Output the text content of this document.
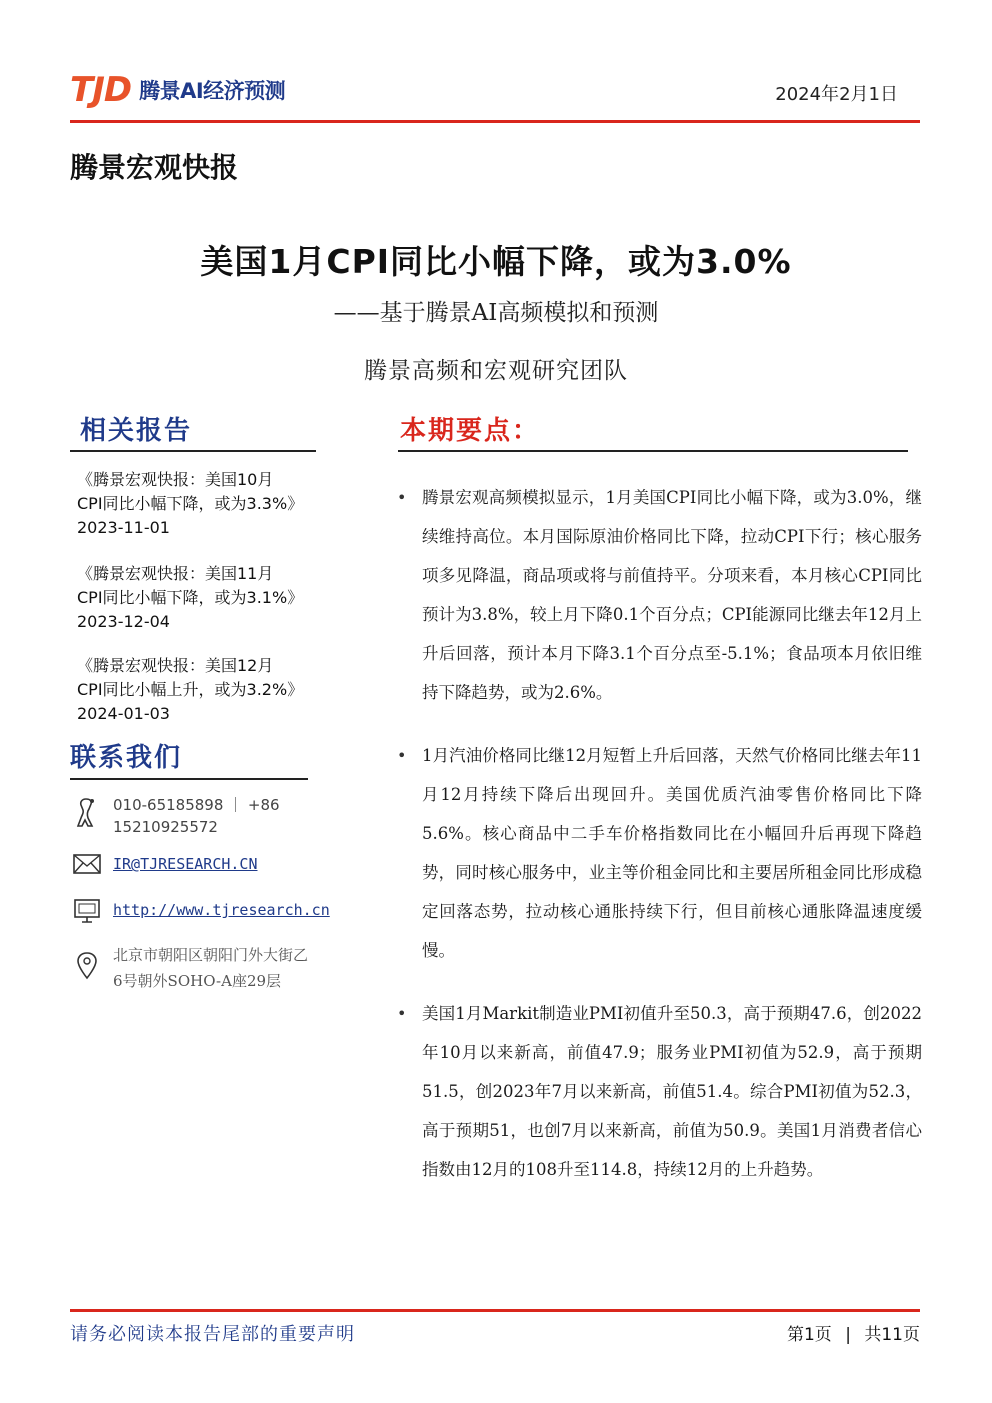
TJD 腾景AI经济预测	2024年2月1日
腾景宏观快报
美国1月CPI同比小幅下降，或为3.0%
——基于腾景AI高频模拟和预测
腾景高频和宏观研究团队
相关报告
《腾景宏观快报：美国10月
CPI同比小幅下降，或为3.3%》
2023-11-01
《腾景宏观快报：美国11月
CPI同比小幅下降，或为3.1%》
2023-12-04
《腾景宏观快报：美国12月
CPI同比小幅上升，或为3.2%》
2024-01-03
联系我们
010-65185898 ｜ +86
15210925572
IR@TJRESEARCH.CN
http://www.tjresearch.cn
北京市朝阳区朝阳门外大街乙
6号朝外SOHO-A座29层
本期要点：
• 腾景宏观高频模拟显示，1月美国CPI同比小幅下降，或为3.0%，继续维持高位。本月国际原油价格同比下降，拉动CPI下行；核心服务项多见降温，商品项或将与前值持平。分项来看，本月核心CPI同比预计为3.8%，较上月下降0.1个百分点；CPI能源同比继去年12月上升后回落，预计本月下降3.1个百分点至-5.1%；食品项本月依旧维持下降趋势，或为2.6%。
• 1月汽油价格同比继12月短暂上升后回落，天然气价格同比继去年11月12月持续下降后出现回升。美国优质汽油零售价格同比下降5.6%。核心商品中二手车价格指数同比在小幅回升后再现下降趋势，同时核心服务中，业主等价租金同比和主要居所租金同比形成稳定回落态势，拉动核心通胀持续下行，但目前核心通胀降温速度缓慢。
• 美国1月Markit制造业PMI初值升至50.3，高于预期47.6，创2022年10月以来新高，前值47.9；服务业PMI初值为52.9，高于预期51.5，创2023年7月以来新高，前值51.4。综合PMI初值为52.3，高于预期51，也创7月以来新高，前值为50.9。美国1月消费者信心指数由12月的108升至114.8，持续12月的上升趋势。
请务必阅读本报告尾部的重要声明	第1页 | 共11页
